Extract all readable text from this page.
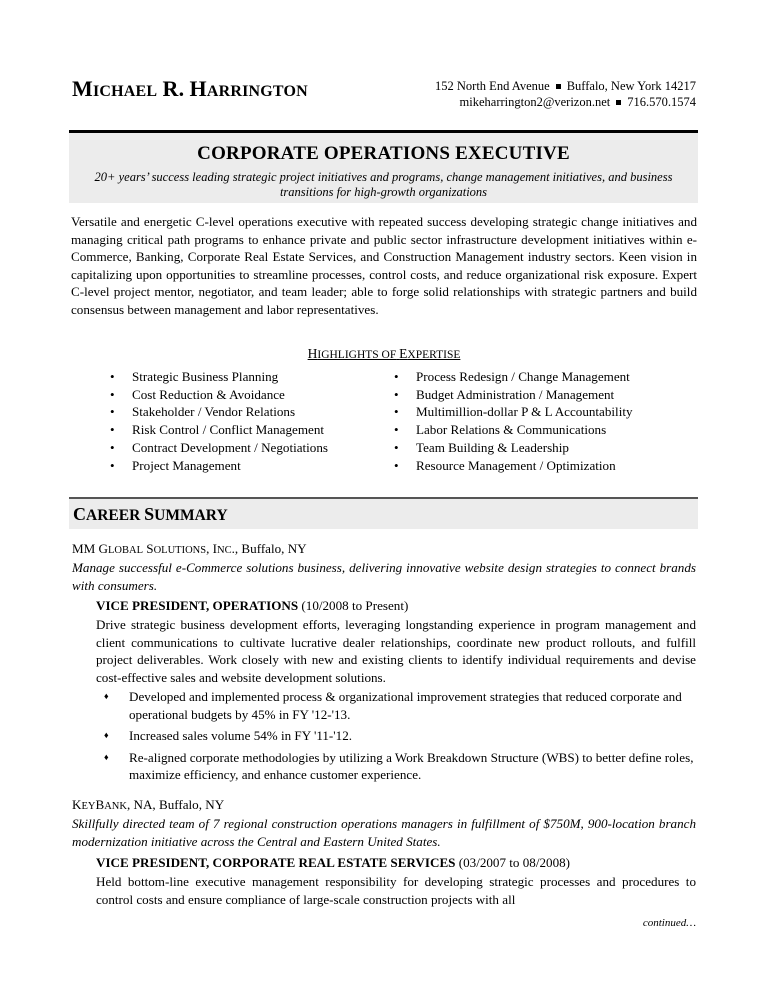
MICHAEL R. HARRINGTON	152 North End Avenue Buffalo, New York 14217
mikeharrington2@verizon.net 716.570.1574
CORPORATE OPERATIONS EXECUTIVE
20+ years’ success leading strategic project initiatives and programs, change management initiatives, and business transitions for high-growth organizations
Versatile and energetic C-level operations executive with repeated success developing strategic change initiatives and managing critical path programs to enhance private and public sector infrastructure development initiatives within e-Commerce, Banking, Corporate Real Estate Services, and Construction Management industry sectors. Keen vision in capitalizing upon opportunities to streamline processes, control costs, and reduce organizational risk exposure. Expert C-level project mentor, negotiator, and team leader; able to forge solid relationships with strategic partners and build consensus between management and labor representatives.
HIGHLIGHTS OF EXPERTISE
• Strategic Business Planning
• Cost Reduction & Avoidance
• Stakeholder / Vendor Relations
• Risk Control / Conflict Management
• Contract Development / Negotiations
• Project Management
• Process Redesign / Change Management
• Budget Administration / Management
• Multimillion-dollar P & L Accountability
• Labor Relations & Communications
• Team Building & Leadership
• Resource Management / Optimization
CAREER SUMMARY
MM GLOBAL SOLUTIONS, INC., Buffalo, NY
Manage successful e-Commerce solutions business, delivering innovative website design strategies to connect brands with consumers.
VICE PRESIDENT, OPERATIONS (10/2008 to Present)
Drive strategic business development efforts, leveraging longstanding experience in program management and client communications to cultivate lucrative dealer relationships, coordinate new product rollouts, and fulfill project deliverables. Work closely with new and existing clients to identify individual requirements and devise cost-effective sales and website development solutions.
♦ Developed and implemented process & organizational improvement strategies that reduced corporate and operational budgets by 45% in FY '12-'13.
♦ Increased sales volume 54% in FY '11-'12.
♦ Re-aligned corporate methodologies by utilizing a Work Breakdown Structure (WBS) to better define roles, maximize efficiency, and enhance customer experience.
KEYBANK, NA, Buffalo, NY
Skillfully directed team of 7 regional construction operations managers in fulfillment of $750M, 900-location branch modernization initiative across the Central and Eastern United States.
VICE PRESIDENT, CORPORATE REAL ESTATE SERVICES (03/2007 to 08/2008)
Held bottom-line executive management responsibility for developing strategic processes and procedures to control costs and ensure compliance of large-scale construction projects with all
continued…
